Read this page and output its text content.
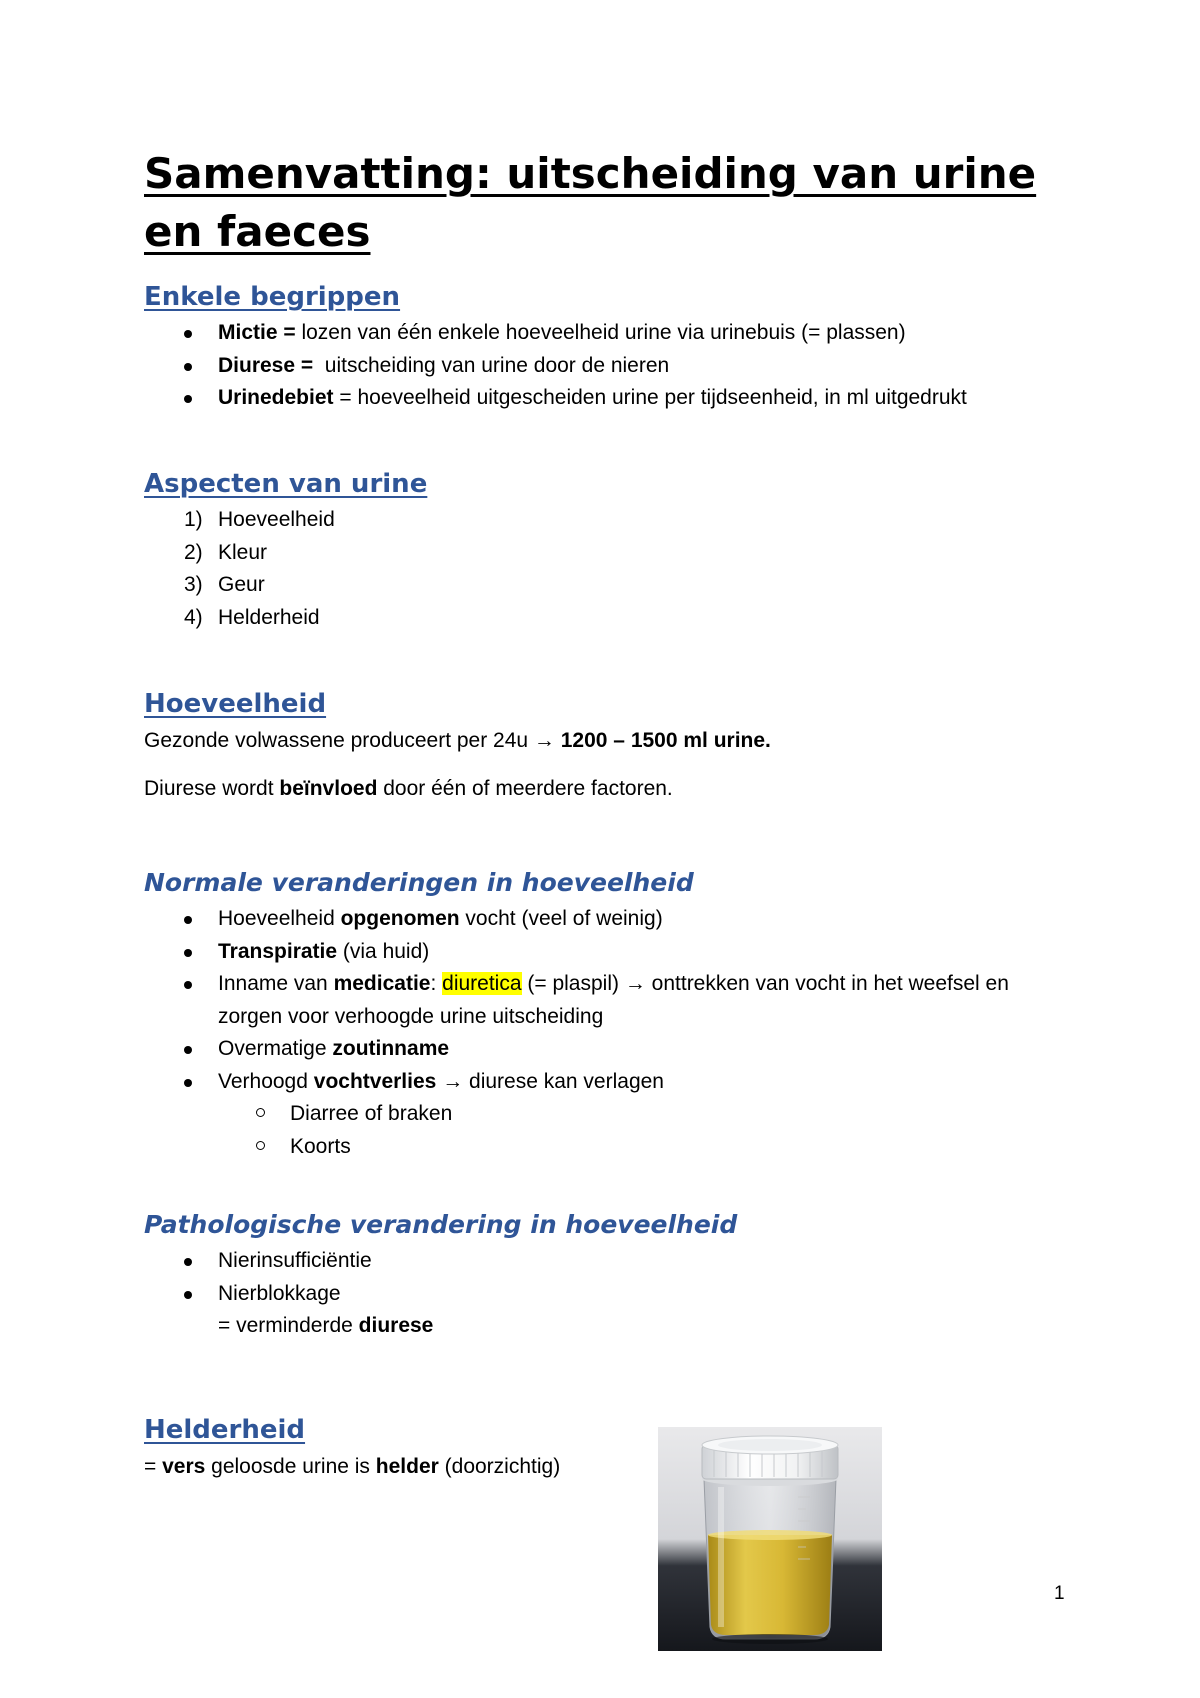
Samenvatting: uitscheiding van urine en faeces
Enkele begrippen
Mictie = lozen van één enkele hoeveelheid urine via urinebuis (= plassen)
Diurese =  uitscheiding van urine door de nieren
Urinedebiet = hoeveelheid uitgescheiden urine per tijdseenheid, in ml uitgedrukt
Aspecten van urine
1) Hoeveelheid
2) Kleur
3) Geur
4) Helderheid
Hoeveelheid

Gezonde volwassene produceert per 24u → 1200 – 1500 ml urine.

Diurese wordt beïnvloed door één of meerdere factoren.

Normale veranderingen in hoeveelheid
Hoeveelheid opgenomen vocht (veel of weinig)
Transpiratie (via huid)
Inname van medicatie: diuretica (= plaspil) → onttrekken van vocht in het weefsel en
zorgen voor verhoogde urine uitscheiding
Overmatige zoutinname
Verhoogd vochtverlies → diurese kan verlagen
Diarree of braken
Koorts
Pathologische verandering in hoeveelheid
Nierinsufficiëntie
Nierblokkage

= verminderde diurese

Helderheid

= vers geloosde urine is helder (doorzichtig)

1
